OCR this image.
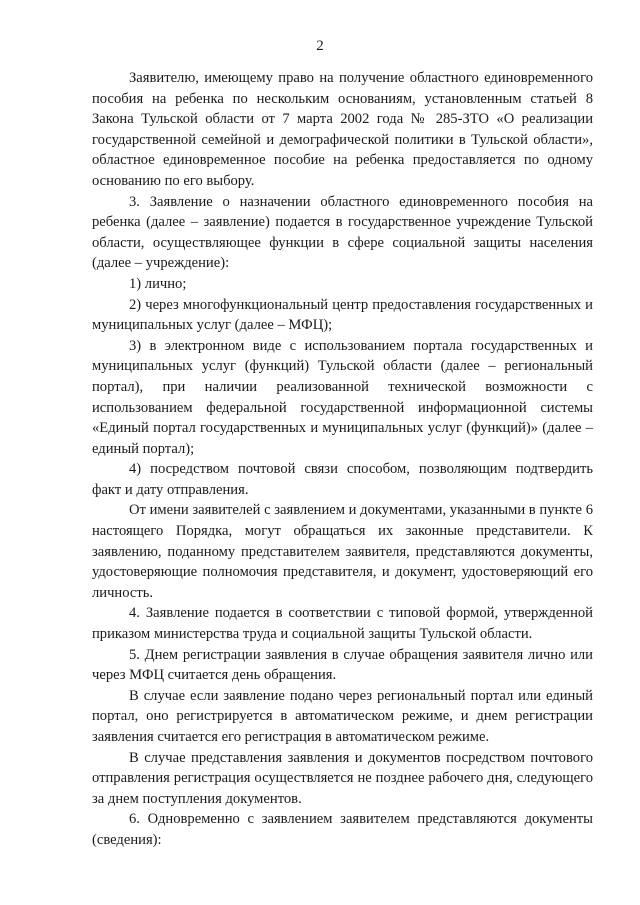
2

Заявителю, имеющему право на получение областного единовременного пособия на ребенка по нескольким основаниям, установленным статьей 8 Закона Тульской области от 7 марта 2002 года № 285-ЗТО «О реализации государственной семейной и демографической политики в Тульской области», областное единовременное пособие на ребенка предоставляется по одному основанию по его выбору.

3. Заявление о назначении областного единовременного пособия на ребенка (далее – заявление) подается в государственное учреждение Тульской области, осуществляющее функции в сфере социальной защиты населения (далее – учреждение):

1) лично;

2) через многофункциональный центр предоставления государственных и муниципальных услуг (далее – МФЦ);

3) в электронном виде с использованием портала государственных и муниципальных услуг (функций) Тульской области (далее – региональный портал), при наличии реализованной технической возможности с использованием федеральной государственной информационной системы «Единый портал государственных и муниципальных услуг (функций)» (далее – единый портал);

4) посредством почтовой связи способом, позволяющим подтвердить факт и дату отправления.

От имени заявителей с заявлением и документами, указанными в пункте 6 настоящего Порядка, могут обращаться их законные представители. К заявлению, поданному представителем заявителя, представляются документы, удостоверяющие полномочия представителя, и документ, удостоверяющий его личность.

4. Заявление подается в соответствии с типовой формой, утвержденной приказом министерства труда и социальной защиты Тульской области.

5. Днем регистрации заявления в случае обращения заявителя лично или через МФЦ считается день обращения.

В случае если заявление подано через региональный портал или единый портал, оно регистрируется в автоматическом режиме, и днем регистрации заявления считается его регистрация в автоматическом режиме.

В случае представления заявления и документов посредством почтового отправления регистрация осуществляется не позднее рабочего дня, следующего за днем поступления документов.

6. Одновременно с заявлением заявителем представляются документы (сведения):
